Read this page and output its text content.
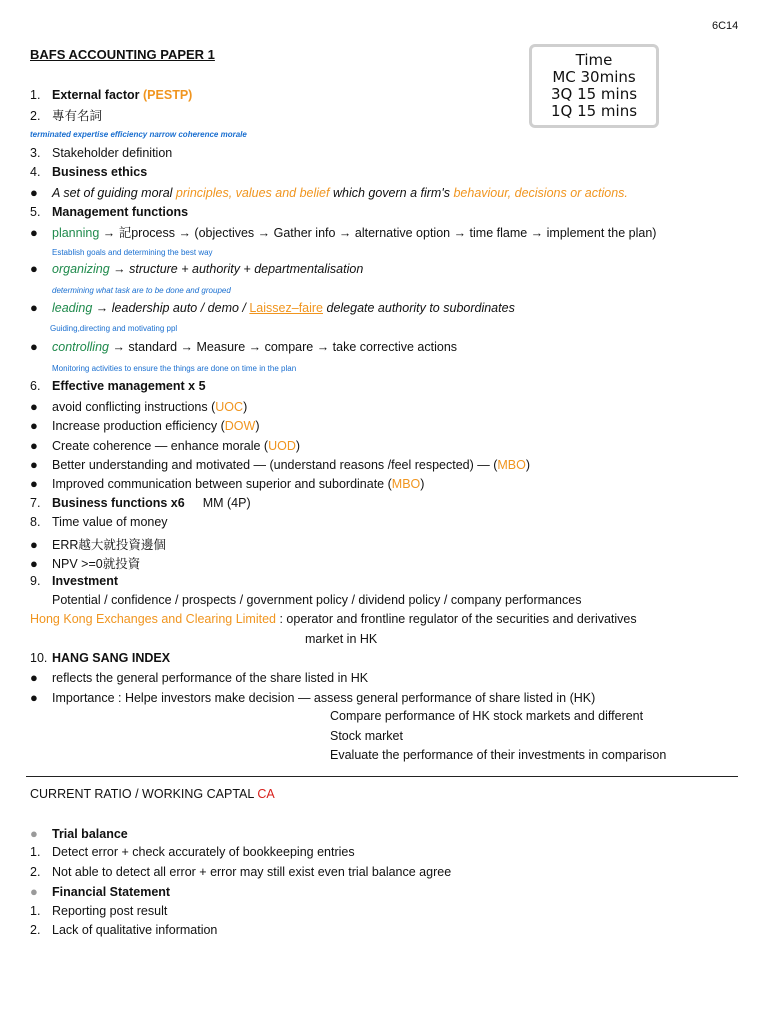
6C14
BAFS ACCOUNTING PAPER 1	Time
MC 30mins
3Q 15 mins
1Q 15 mins
1. External factor (PESTP)
2. 專有名詞
terminated expertise efficiency narrow coherence morale
3. Stakeholder definition
4. Business ethics
● A set of guiding moral principles, values and belief which govern a firm's behaviour, decisions or actions.
5. Management functions
● planning → 記process → (objectives → Gather info → alternative option → time flame → implement the plan)
Establish goals and determining the best way
● organizing → structure + authority + departmentalisation
determining what task are to be done and grouped
● leading → leadership auto / demo / Laissez–faire delegate authority to subordinates
Guiding,directing and motivating ppl
● controlling → standard → Measure → compare → take corrective actions
Monitoring activities to ensure the things are done on time in the plan
6. Effective management x 5
● avoid conflicting instructions (UOC)
● Increase production efficiency (DOW)
● Create coherence — enhance morale (UOD)
● Better understanding and motivated — (understand reasons /feel respected) — (MBO)
● Improved communication between superior and subordinate (MBO)
7. Business functions x6 MM (4P)
8. Time value of money
● ERR越大就投資邊個
● NPV >=0就投資
9. Investment
Potential / confidence / prospects / government policy / dividend policy / company performances
Hong Kong Exchanges and Clearing Limited : operator and frontline regulator of the securities and derivatives
market in HK
10. HANG SANG INDEX
● reflects the general performance of the share listed in HK
● Importance : Helpe investors make decision — assess general performance of share listed in (HK)
Compare performance of HK stock markets and different
Stock market
Evaluate the performance of their investments in comparison
CURRENT RATIO / WORKING CAPTAL CA
● Trial balance
1. Detect error + check accurately of bookkeeping entries
2. Not able to detect all error + error may still exist even trial balance agree
● Financial Statement
1. Reporting post result
2. Lack of qualitative information
